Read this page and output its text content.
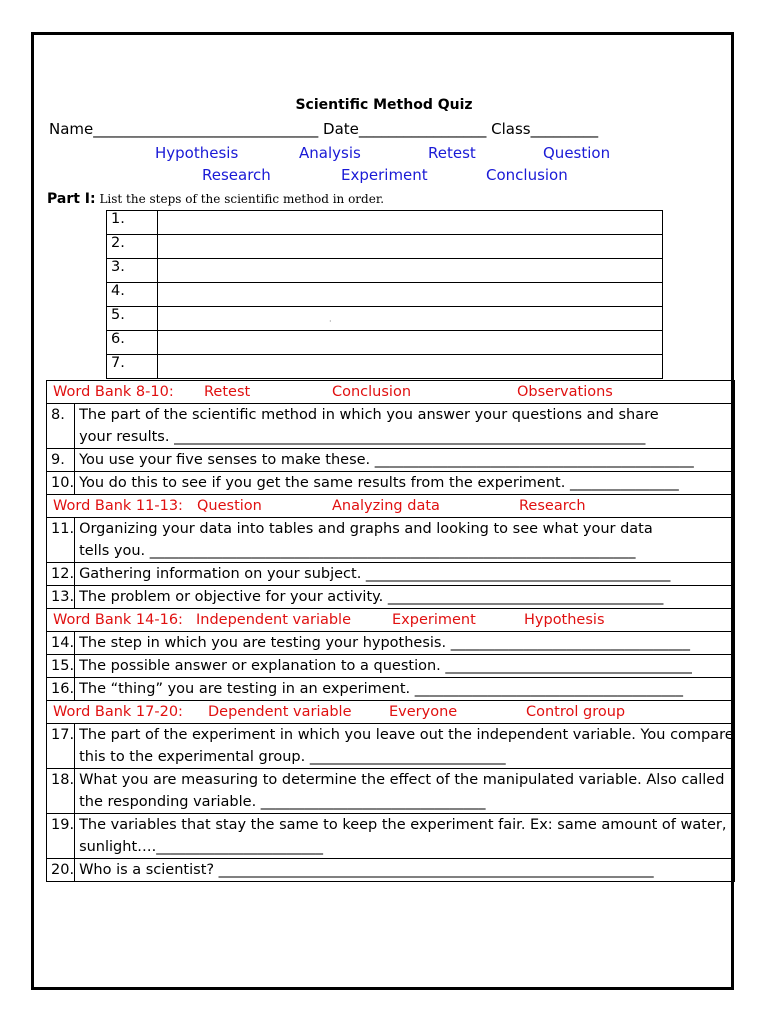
Scientific Method Quiz
Name______________________________ Date_________________ Class_________
Hypothesis	Analysis	Retest	Question
Research	Experiment	Conclusion
Part I: List the steps of the scientific method in order.
1.	
2.	
3.	
4.	
5.	
6.	
7.	
·
Word Bank 8-10: Retest Conclusion Observations	

8.	The part of the scientific method in which you answer your questions and share
your results. _________________________________________________________________

9.	You use your five senses to make these. ____________________________________________

10.	You do this to see if you get the same results from the experiment. _______________

Word Bank 11-13: Question Analyzing data Research	

11.	Organizing your data into tables and graphs and looking to see what your data
tells you. ___________________________________________________________________

12.	Gathering information on your subject. __________________________________________

13.	The problem or objective for your activity. ______________________________________

Word Bank 14-16: Independent variable Experiment Hypothesis	

14.	The step in which you are testing your hypothesis. _________________________________

15.	The possible answer or explanation to a question. __________________________________

16.	The “thing” you are testing in an experiment. _____________________________________

Word Bank 17-20: Dependent variable Everyone Control group	

17.	The part of the experiment in which you leave out the independent variable. You compare
this to the experimental group. ___________________________

18.	What you are measuring to determine the effect of the manipulated variable. Also called
the responding variable. _______________________________

19.	The variables that stay the same to keep the experiment fair. Ex: same amount of water,
sunlight…._______________________

20.	Who is a scientist? ____________________________________________________________
